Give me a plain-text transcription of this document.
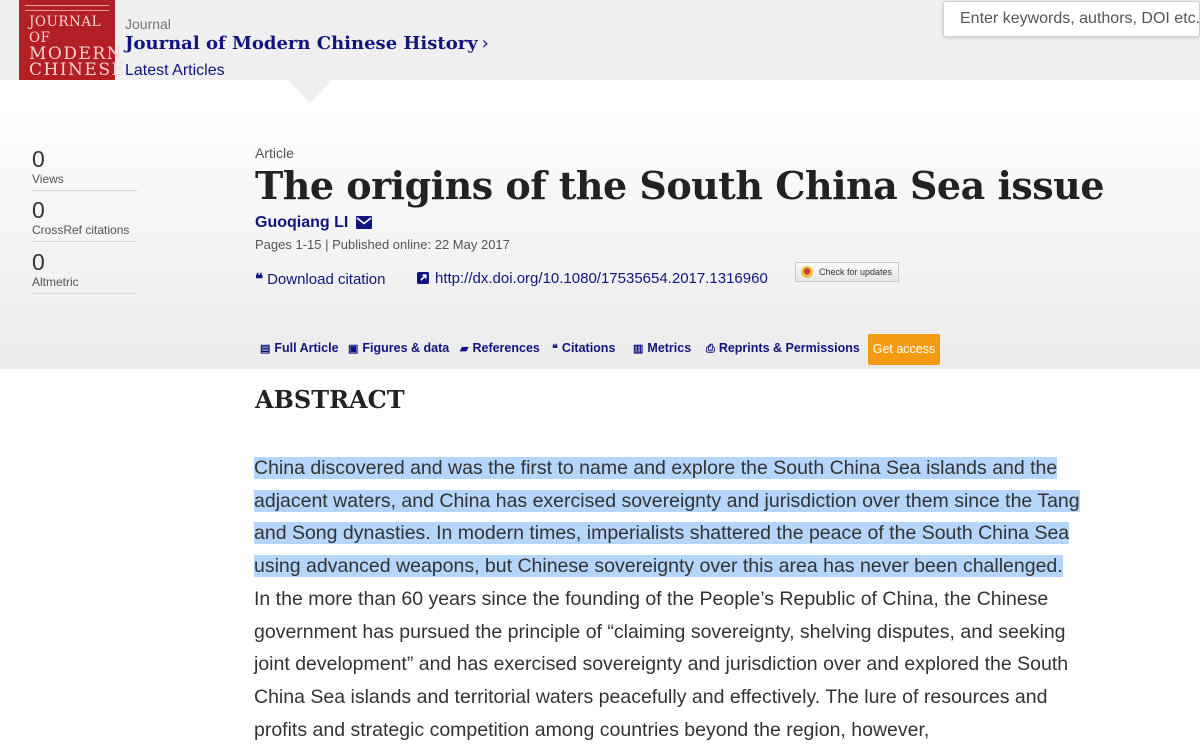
JOURNAL OF
MODERN
CHINESE
Journal
Journal of Modern Chinese History ›
Latest Articles
Enter keywords, authors, DOI etc.
0
Views
0
CrossRef citations
0
Altmetric
Article
The origins of the South China Sea issue
Guoqiang LI
Pages 1-15 | Published online: 22 May 2017
❝ Download citation	http://dx.doi.org/10.1080/17535654.2017.1316960	Check for updates
▤ Full Article ▣ Figures & data ▰ References ❝ Citations ▥ Metrics ⎙ Reprints & Permissions	Get access
ABSTRACT
China discovered and was the first to name and explore the South China Sea islands and the adjacent waters, and China has exercised sovereignty and jurisdiction over them since the Tang and Song dynasties. In modern times, imperialists shattered the peace of the South China Sea using advanced weapons, but Chinese sovereignty over this area has never been challenged. In the more than 60 years since the founding of the People’s Republic of China, the Chinese government has pursued the principle of “claiming sovereignty, shelving disputes, and seeking joint development” and has exercised sovereignty and jurisdiction over and explored the South China Sea islands and territorial waters peacefully and effectively. The lure of resources and profits and strategic competition among countries beyond the region, however,
